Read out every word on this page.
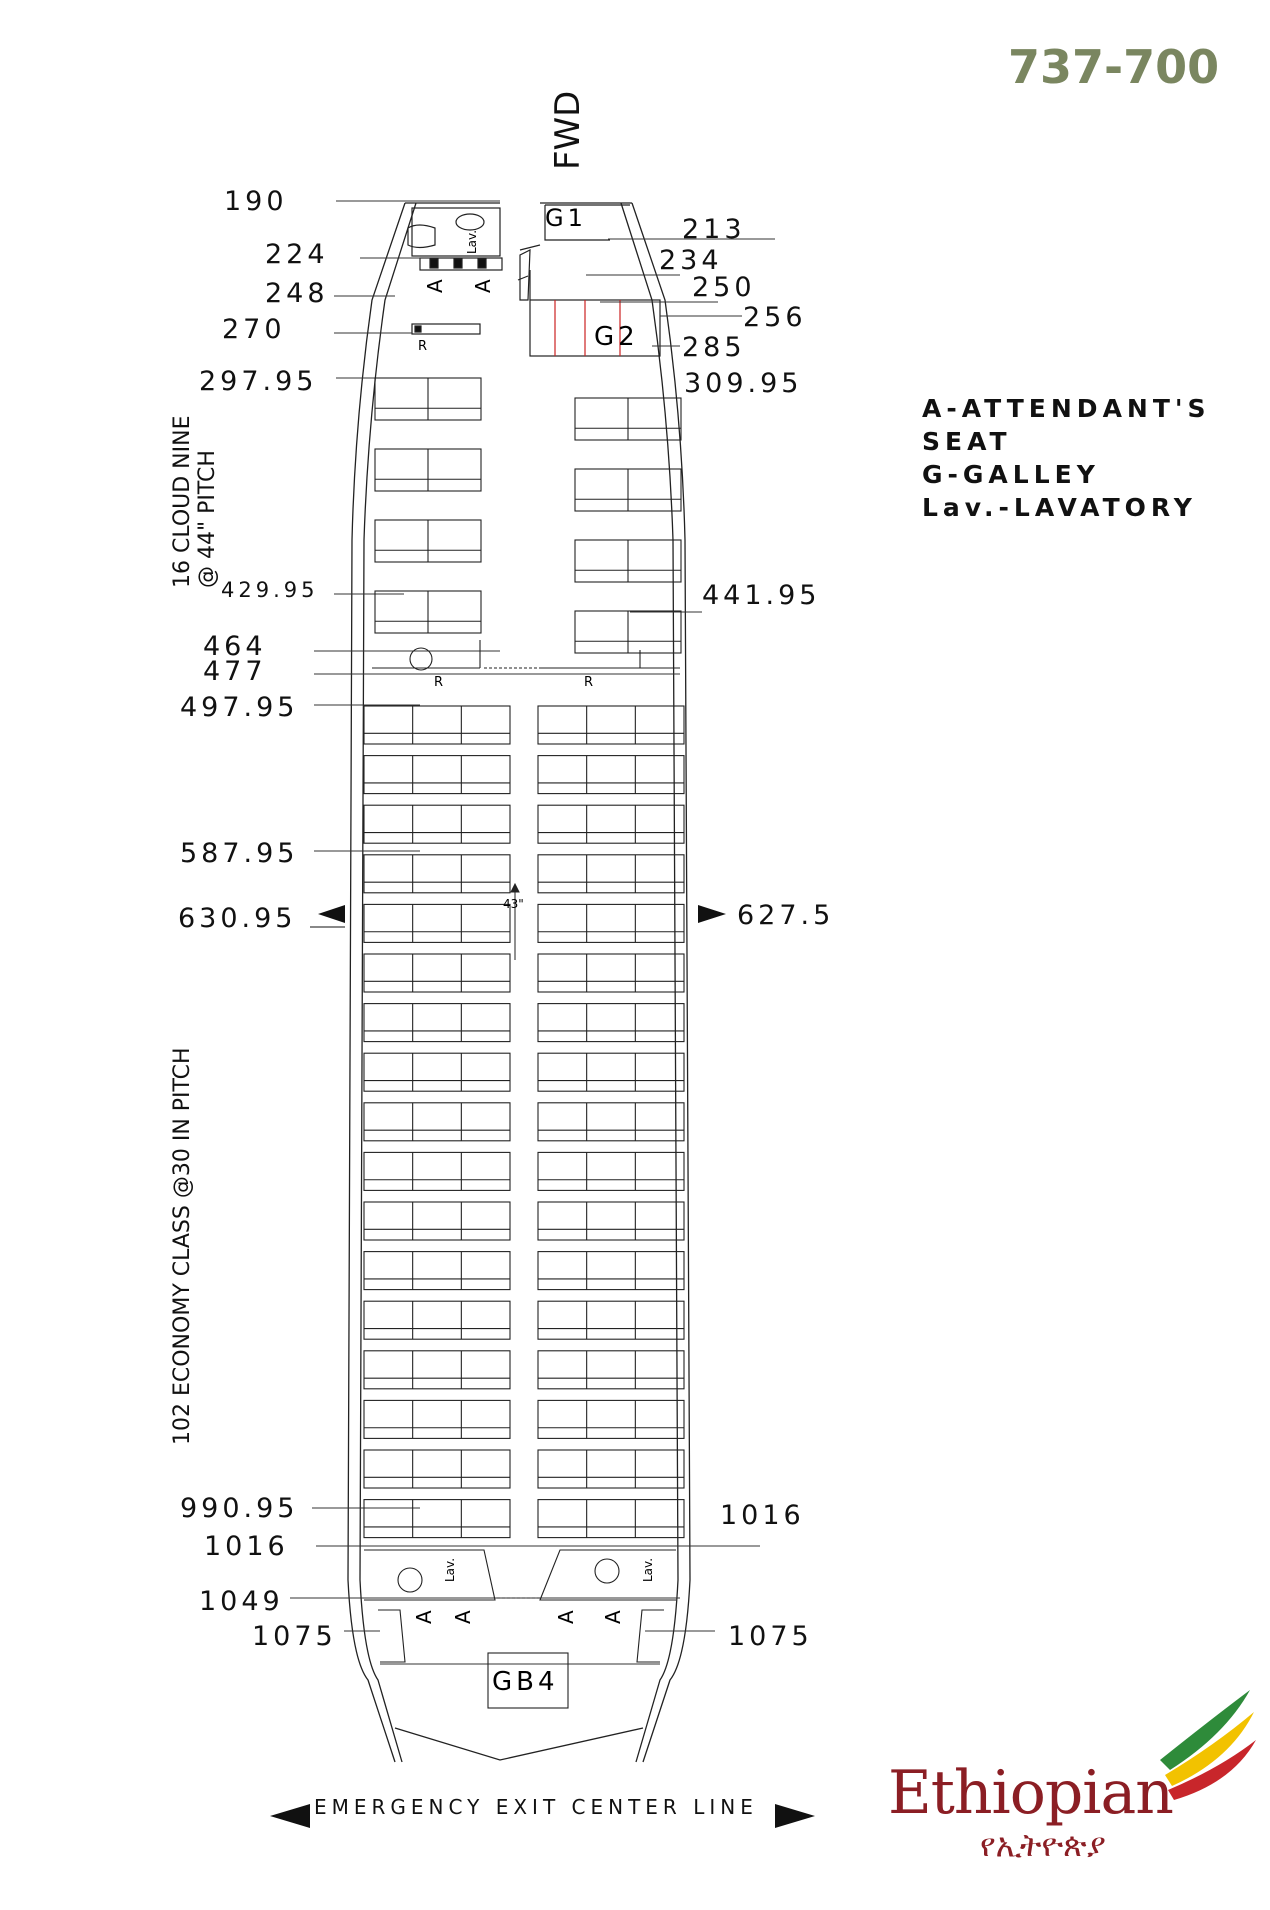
737-700
FWD
A-ATTENDANT'S
SEAT
G-GALLEY
Lav.-LAVATORY
16 CLOUD NINE @ 44" PITCH
102 ECONOMY CLASS @30 IN PITCH
190
224
248
270
297.95
429.95
464
477
497.95
587.95
630.95
990.95
1016
1049
1075
213
234
250
256
285
309.95
441.95
627.5
1016
1075
EMERGENCY EXIT CENTER LINE
G1
G2
A A
Lav.
R
R	R
43"
Lav.	Lav.
A A	A A
GB4
Ethiopian
የኢትዮጵያ
